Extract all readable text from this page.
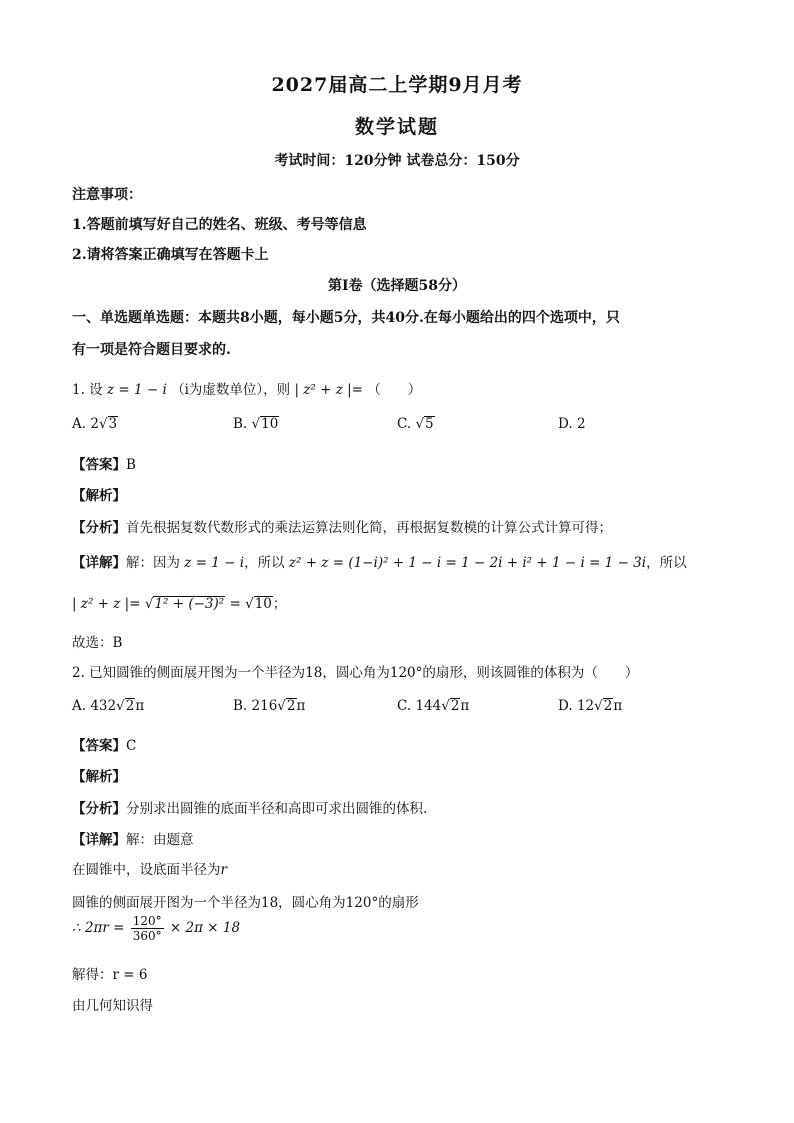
2027届高二上学期9月月考
数学试题
考试时间：120分钟 试卷总分：150分
注意事项：
1.答题前填写好自己的姓名、班级、考号等信息
2.请将答案正确填写在答题卡上
第I卷（选择题58分）
一、单选题单选题：本题共8小题，每小题5分，共40分.在每小题给出的四个选项中，只
有一项是符合题目要求的.
1. 设 z = 1 − i （i为虚数单位），则 | z² + z |= （　　）
A. 2√3	B. √10	C. √5	D. 2
【答案】B
【解析】
【分析】首先根据复数代数形式的乘法运算法则化简，再根据复数模的计算公式计算可得；
【详解】解：因为 z = 1 − i，所以 z² + z = (1−i)² + 1 − i = 1 − 2i + i² + 1 − i = 1 − 3i，所以
| z² + z |= √1² + (−3)² = √10；
故选：B
2. 已知圆锥的侧面展开图为一个半径为18，圆心角为120°的扇形，则该圆锥的体积为（　　）
A. 432√2π	B. 216√2π	C. 144√2π	D. 12√2π
【答案】C
【解析】
【分析】分别求出圆锥的底面半径和高即可求出圆锥的体积.
【详解】解：由题意
在圆锥中，设底面半径为r
圆锥的侧面展开图为一个半径为18，圆心角为120°的扇形
∴ $2\pi r = \frac{120^\circ}{360^\circ} \times 2\pi \times 18$
解得：r = 6
由几何知识得
